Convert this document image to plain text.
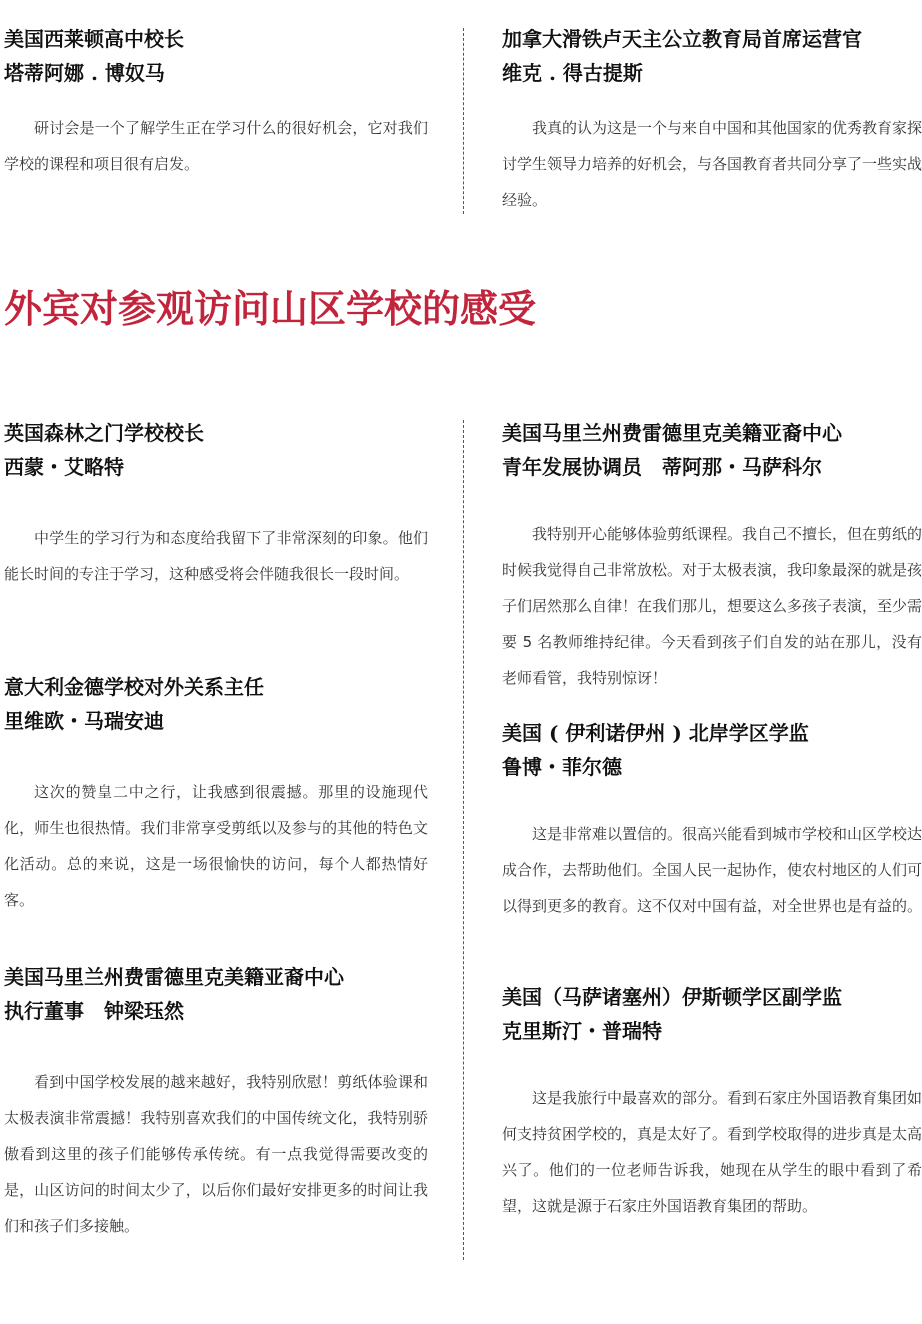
美国西莱顿高中校长

塔蒂阿娜 . 博奴马

研讨会是一个了解学生正在学习什么的很好机会，它对我们学校的课程和项目很有启发。

加拿大滑铁卢天主公立教育局首席运营官

维克 . 得古提斯

我真的认为这是一个与来自中国和其他国家的优秀教育家探讨学生领导力培养的好机会，与各国教育者共同分享了一些实战经验。

外宾对参观访问山区学校的感受

英国森林之门学校校长

西蒙・艾略特

中学生的学习行为和态度给我留下了非常深刻的印象。他们能长时间的专注于学习，这种感受将会伴随我很长一段时间。

意大利金德学校对外关系主任

里维欧・马瑞安迪

这次的赞皇二中之行，让我感到很震撼。那里的设施现代化，师生也很热情。我们非常享受剪纸以及参与的其他的特色文化活动。总的来说，这是一场很愉快的访问，每个人都热情好客。

美国马里兰州费雷德里克美籍亚裔中心

执行董事　钟梁珏然

看到中国学校发展的越来越好，我特别欣慰！剪纸体验课和太极表演非常震撼！我特别喜欢我们的中国传统文化，我特别骄傲看到这里的孩子们能够传承传统。有一点我觉得需要改变的是，山区访问的时间太少了，以后你们最好安排更多的时间让我们和孩子们多接触。

美国马里兰州费雷德里克美籍亚裔中心

青年发展协调员　蒂阿那・马萨科尔

我特别开心能够体验剪纸课程。我自己不擅长，但在剪纸的时候我觉得自己非常放松。对于太极表演，我印象最深的就是孩子们居然那么自律！在我们那儿，想要这么多孩子表演，至少需要 5 名教师维持纪律。今天看到孩子们自发的站在那儿，没有老师看管，我特别惊讶！

美国 ( 伊利诺伊州 ) 北岸学区学监

鲁博・菲尔德

这是非常难以置信的。很高兴能看到城市学校和山区学校达成合作，去帮助他们。全国人民一起协作，使农村地区的人们可以得到更多的教育。这不仅对中国有益，对全世界也是有益的。

美国（马萨诸塞州）伊斯顿学区副学监

克里斯汀・普瑞特

这是我旅行中最喜欢的部分。看到石家庄外国语教育集团如何支持贫困学校的，真是太好了。看到学校取得的进步真是太高兴了。他们的一位老师告诉我，她现在从学生的眼中看到了希望，这就是源于石家庄外国语教育集团的帮助。
